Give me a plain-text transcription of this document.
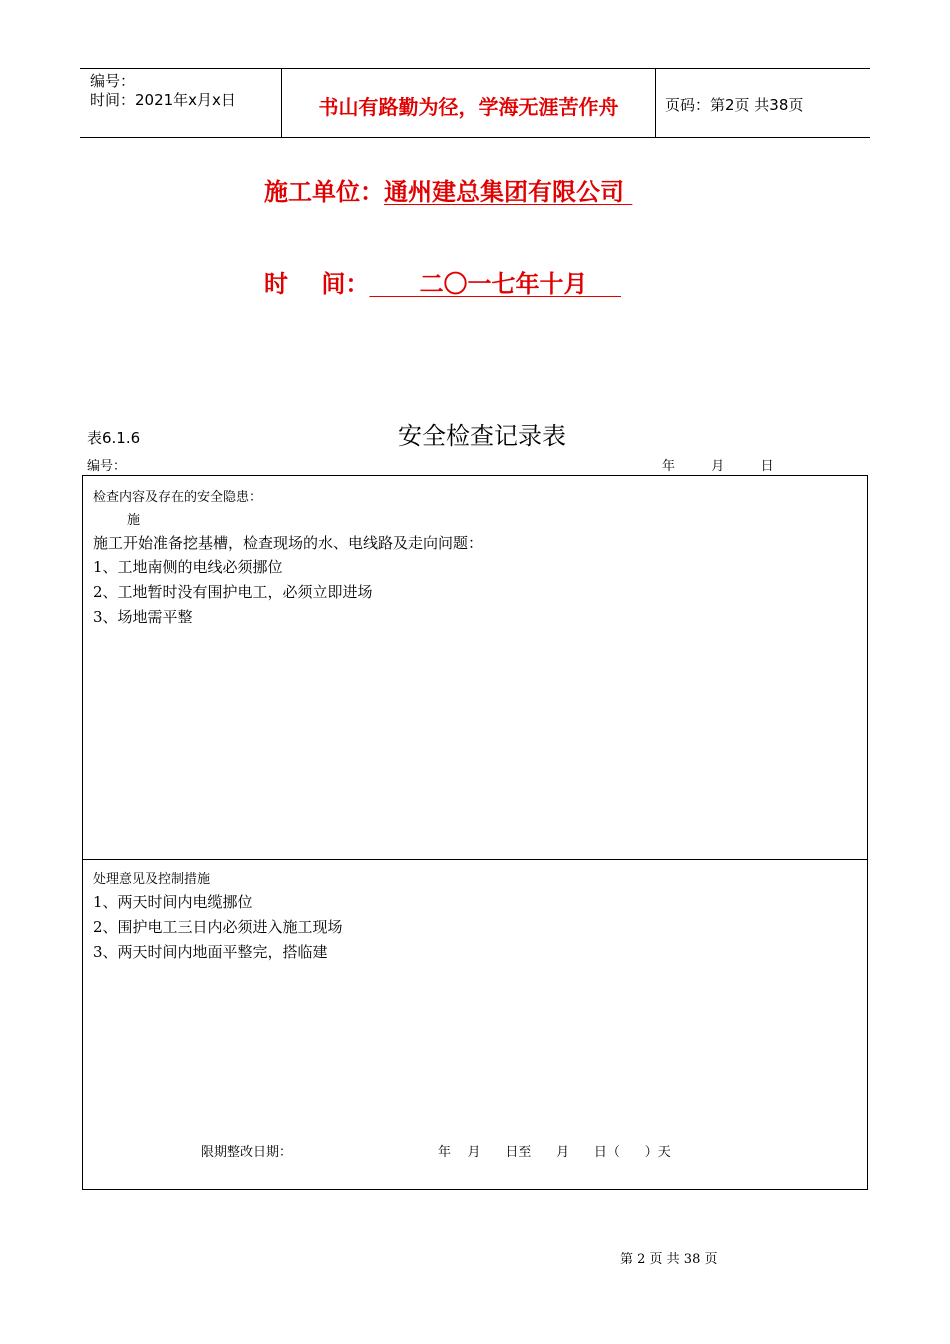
编号：
时间：2021年x月x日	书山有路勤为径，学海无涯苦作舟	页码：第2页 共38页
施工单位：通州建总集团有限公司
时    间： 二〇一七年十月
表6.1.6	安全检查记录表
编号：	年	月	日
检查内容及存在的安全隐患：
施
施工开始准备挖基槽，检查现场的水、电线路及走向问题：
1、工地南侧的电线必须挪位
2、工地暂时没有围护电工，必须立即进场
3、场地需平整
处理意见及控制措施
1、两天时间内电缆挪位
2、围护电工三日内必须进入施工现场
3、两天时间内地面平整完，搭临建
限期整改日期：	年    月      日至      月      日（      ）天
第 2 页 共 38 页
